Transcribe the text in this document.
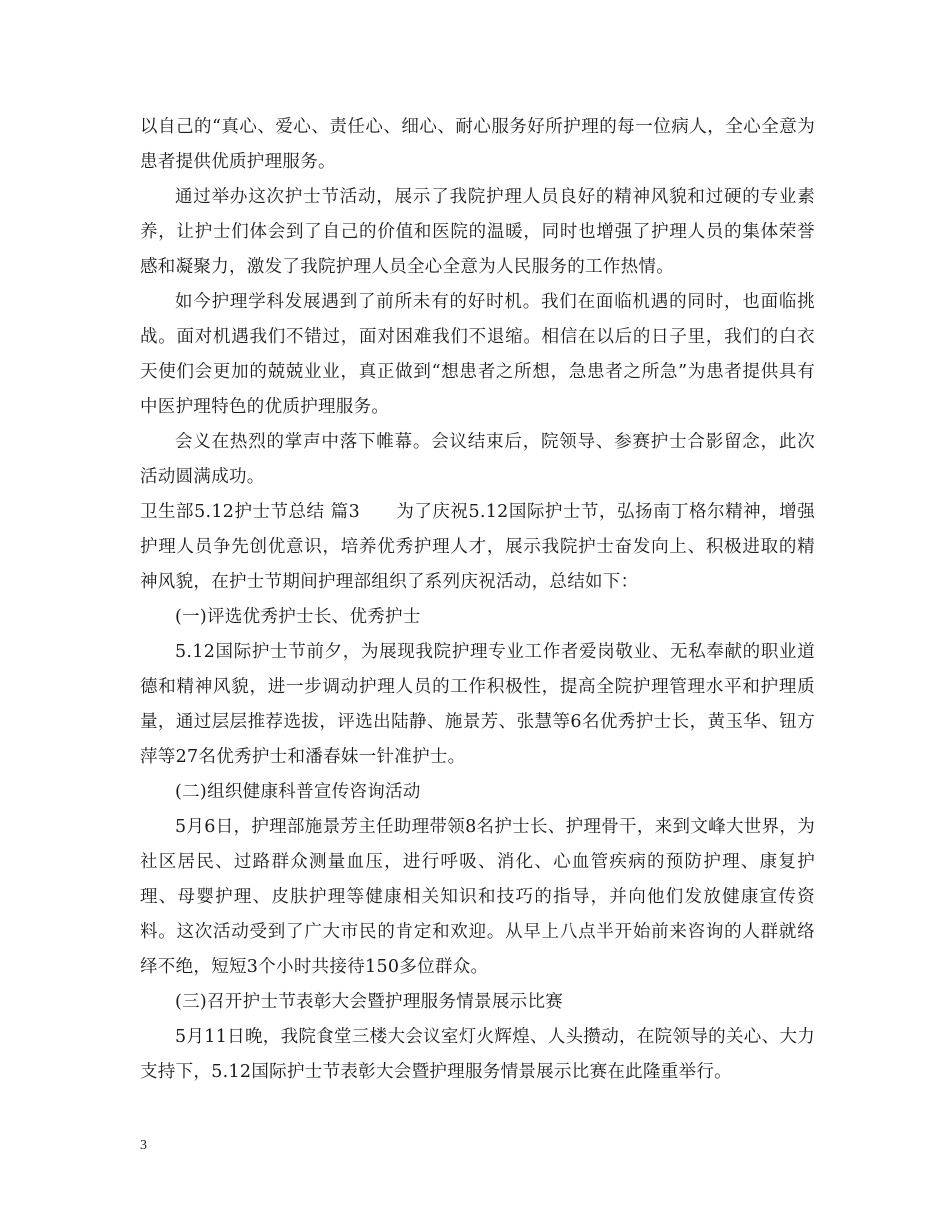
以自己的“真心、爱心、责任心、细心、耐心服务好所护理的每一位病人，全心全意为患者提供优质护理服务。

通过举办这次护士节活动，展示了我院护理人员良好的精神风貌和过硬的专业素养，让护士们体会到了自己的价值和医院的温暖，同时也增强了护理人员的集体荣誉感和凝聚力，激发了我院护理人员全心全意为人民服务的工作热情。

如今护理学科发展遇到了前所未有的好时机。我们在面临机遇的同时，也面临挑战。面对机遇我们不错过，面对困难我们不退缩。相信在以后的日子里，我们的白衣天使们会更加的兢兢业业，真正做到“想患者之所想，急患者之所急”为患者提供具有中医护理特色的优质护理服务。

会义在热烈的掌声中落下帷幕。会议结束后，院领导、参赛护士合影留念，此次活动圆满成功。

卫生部5.12护士节总结 篇3　　为了庆祝5.12国际护士节，弘扬南丁格尔精神，增强护理人员争先创优意识，培养优秀护理人才，展示我院护士奋发向上、积极进取的精神风貌，在护士节期间护理部组织了系列庆祝活动，总结如下：

(一)评选优秀护士长、优秀护士

5.12国际护士节前夕，为展现我院护理专业工作者爱岗敬业、无私奉献的职业道德和精神风貌，进一步调动护理人员的工作积极性，提高全院护理管理水平和护理质量，通过层层推荐选拔，评选出陆静、施景芳、张慧等6名优秀护士长，黄玉华、钮方萍等27名优秀护士和潘春妹一针准护士。

(二)组织健康科普宣传咨询活动

5月6日，护理部施景芳主任助理带领8名护士长、护理骨干，来到文峰大世界，为社区居民、过路群众测量血压，进行呼吸、消化、心血管疾病的预防护理、康复护理、母婴护理、皮肤护理等健康相关知识和技巧的指导，并向他们发放健康宣传资料。这次活动受到了广大市民的肯定和欢迎。从早上八点半开始前来咨询的人群就络绎不绝，短短3个小时共接待150多位群众。

(三)召开护士节表彰大会暨护理服务情景展示比赛

5月11日晚，我院食堂三楼大会议室灯火辉煌、人头攒动，在院领导的关心、大力支持下，5.12国际护士节表彰大会暨护理服务情景展示比赛在此隆重举行。

3
